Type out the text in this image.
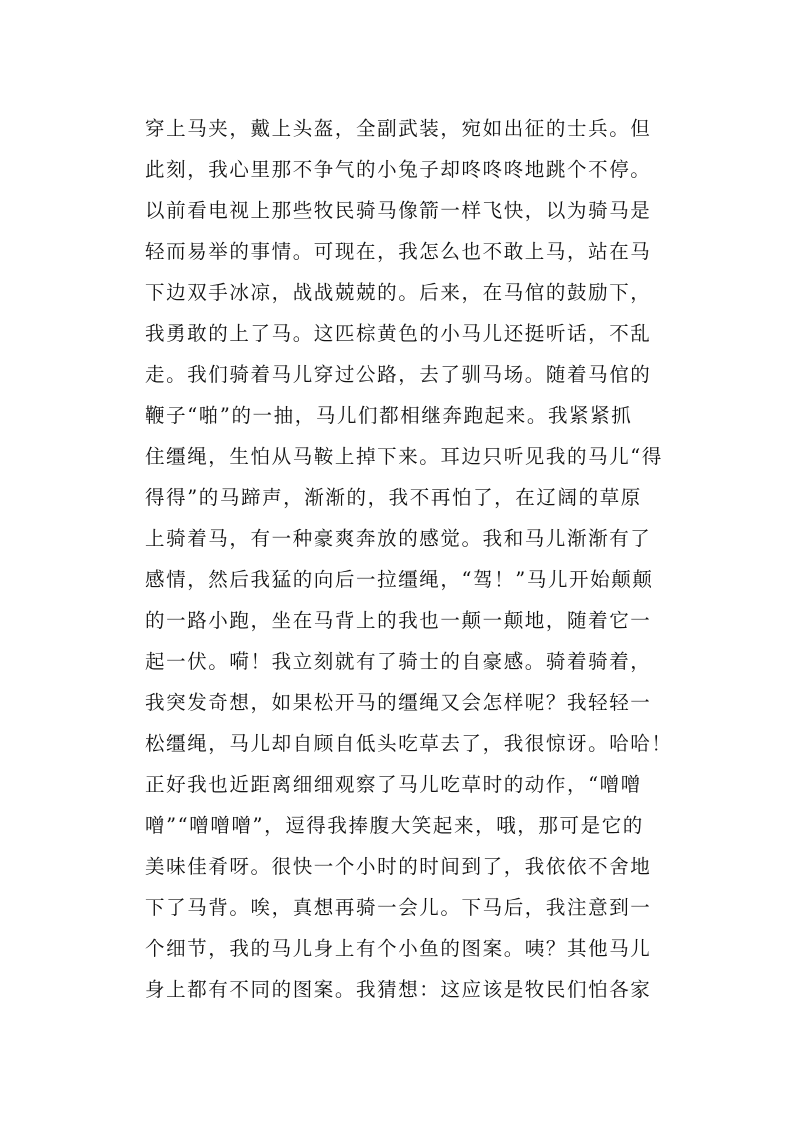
穿上马夹，戴上头盔，全副武装，宛如出征的士兵。但
此刻，我心里那不争气的小兔子却咚咚咚地跳个不停。
以前看电视上那些牧民骑马像箭一样飞快，以为骑马是
轻而易举的事情。可现在，我怎么也不敢上马，站在马
下边双手冰凉，战战兢兢的。后来，在马倌的鼓励下，
我勇敢的上了马。这匹棕黄色的小马儿还挺听话，不乱
走。我们骑着马儿穿过公路，去了驯马场。随着马倌的
鞭子“啪”的一抽，马儿们都相继奔跑起来。我紧紧抓
住缰绳，生怕从马鞍上掉下来。耳边只听见我的马儿“得
得得”的马蹄声，渐渐的，我不再怕了，在辽阔的草原
上骑着马，有一种豪爽奔放的感觉。我和马儿渐渐有了
感情，然后我猛的向后一拉缰绳，“驾！”马儿开始颠颠
的一路小跑，坐在马背上的我也一颠一颠地，随着它一
起一伏。嗬！我立刻就有了骑士的自豪感。骑着骑着，
我突发奇想，如果松开马的缰绳又会怎样呢？我轻轻一
松缰绳，马儿却自顾自低头吃草去了，我很惊讶。哈哈！
正好我也近距离细细观察了马儿吃草时的动作，“噌噌
噌”“噌噌噌”，逗得我捧腹大笑起来，哦，那可是它的
美味佳肴呀。很快一个小时的时间到了，我依依不舍地
下了马背。唉，真想再骑一会儿。下马后，我注意到一
个细节，我的马儿身上有个小鱼的图案。咦？其他马儿
身上都有不同的图案。我猜想：这应该是牧民们怕各家
